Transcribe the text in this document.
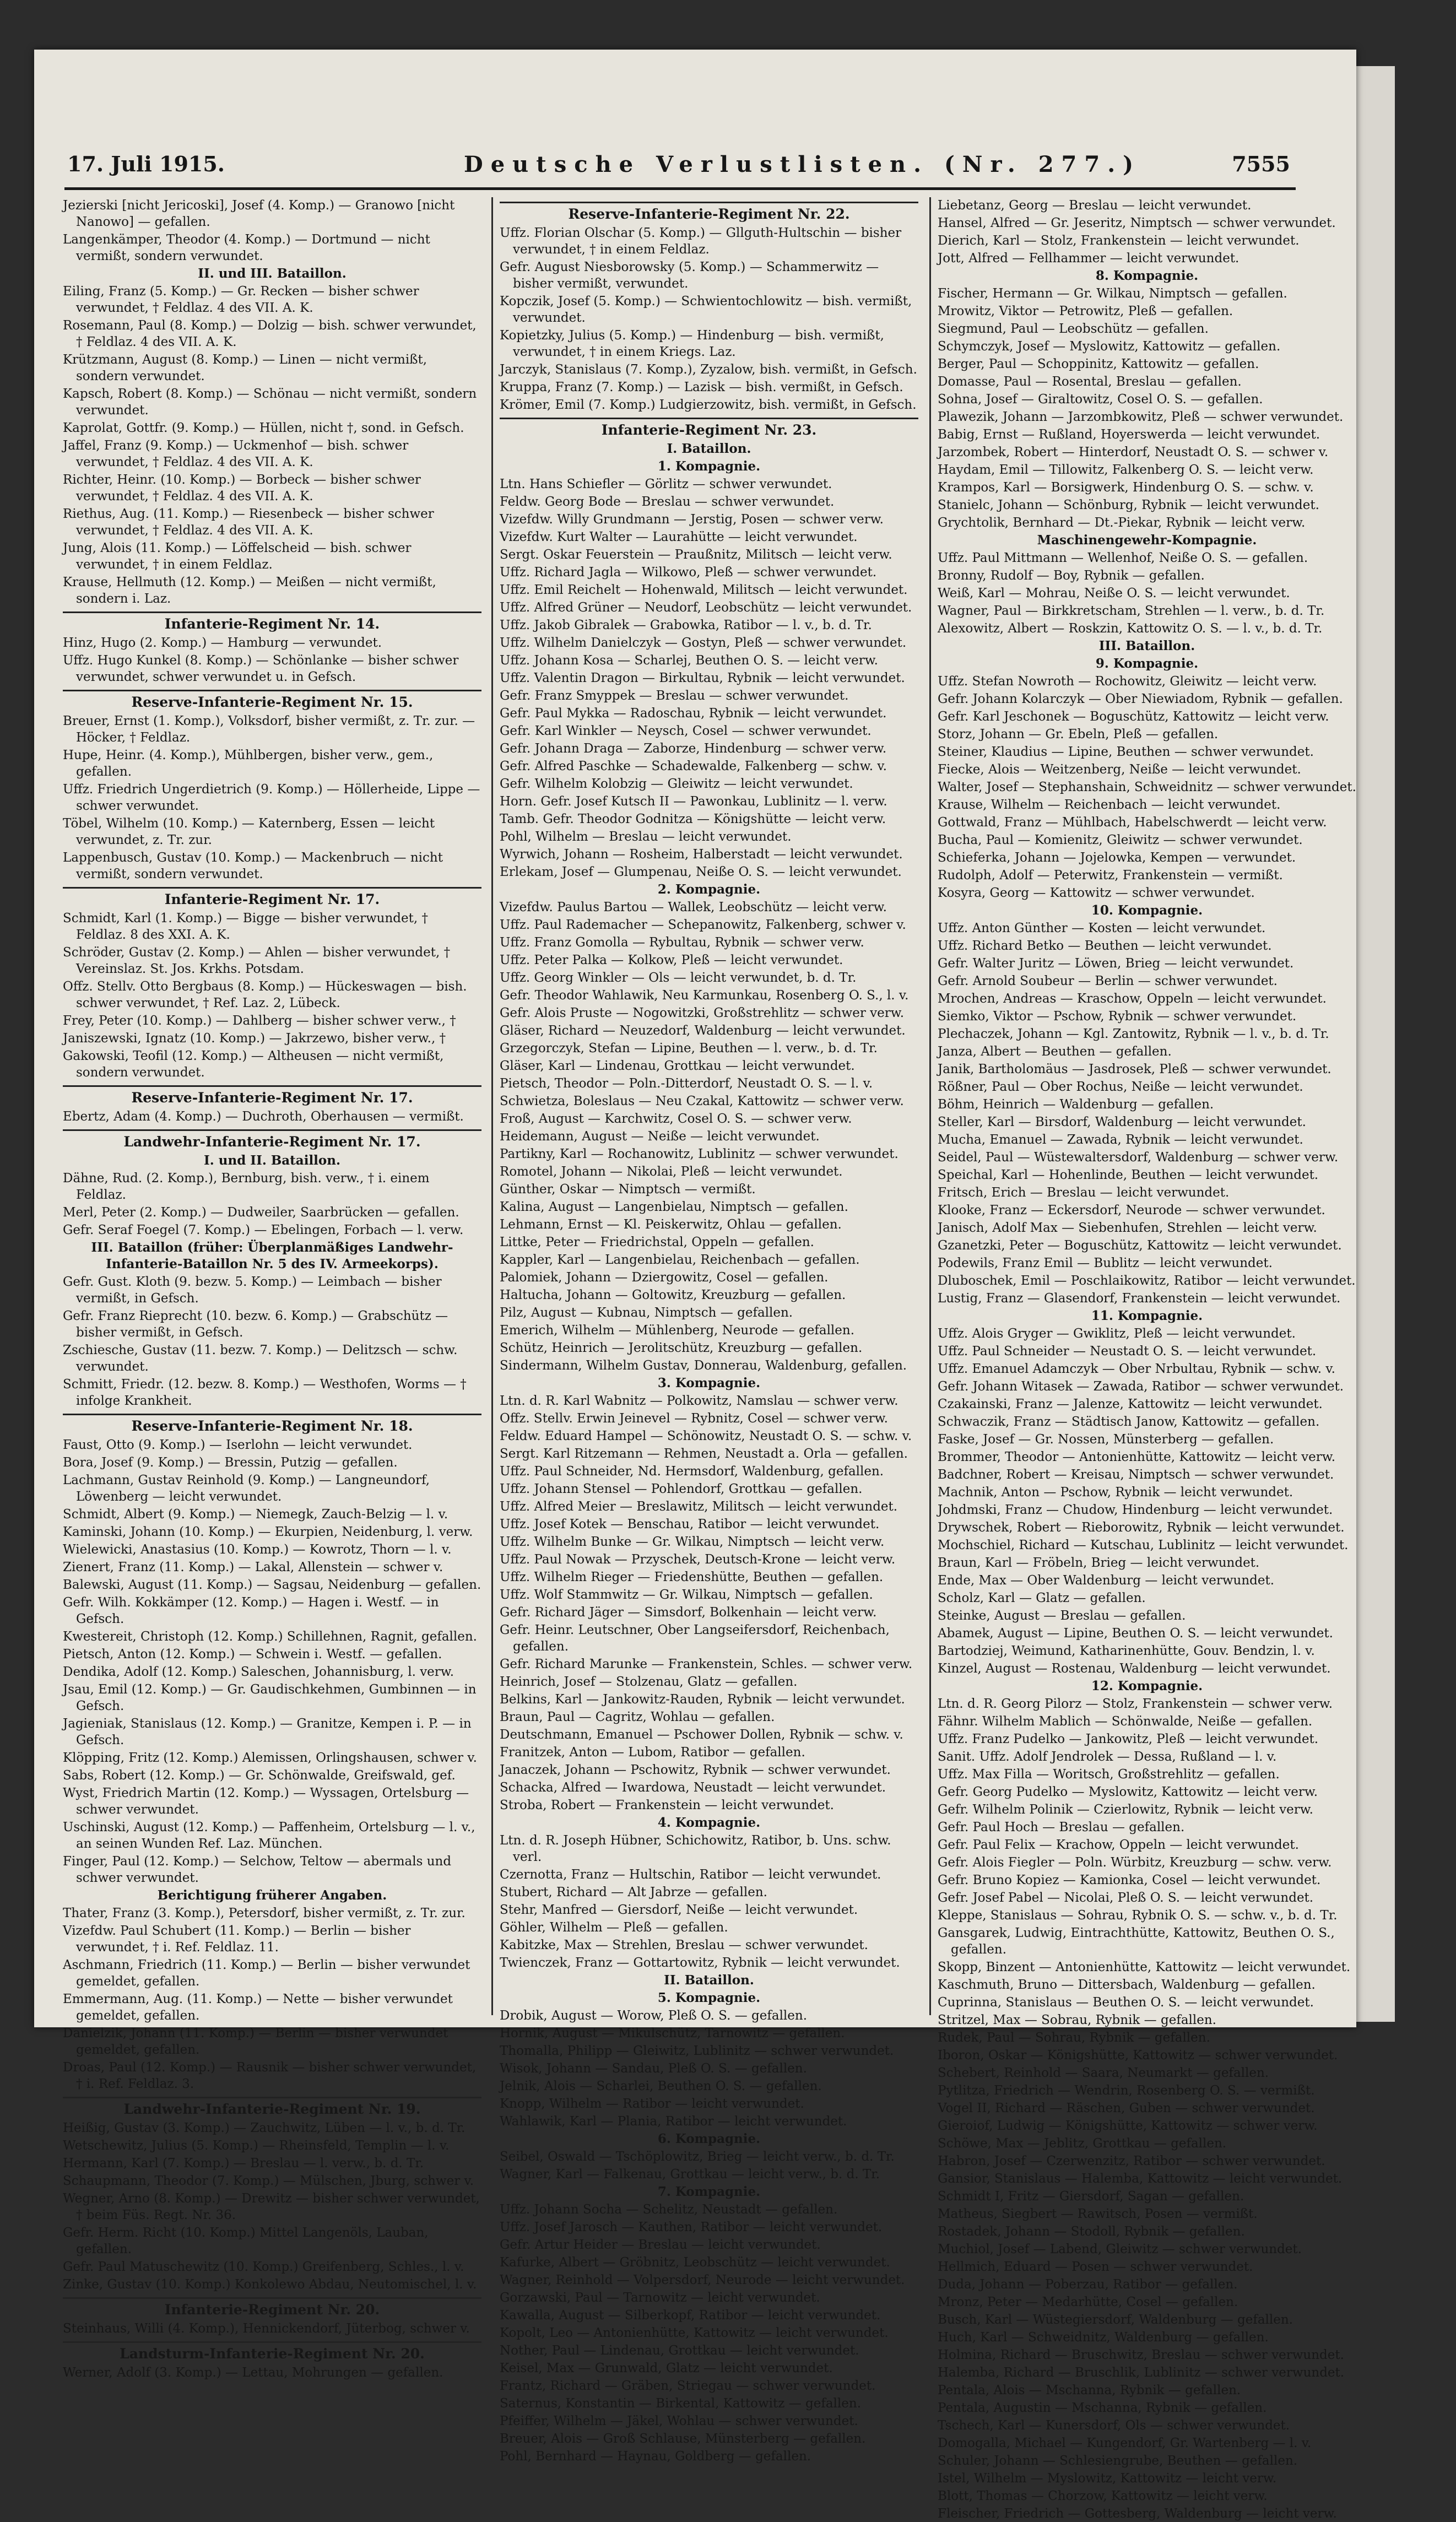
17. Juli 1915.	Deutsche Verlustlisten. (Nr. 277.)	7555
Jezierski [nicht Jericoski], Josef (4. Komp.) — Granowo [nicht Nanowo] — gefallen.
Langenkämper, Theodor (4. Komp.) — Dortmund — nicht vermißt, sondern verwundet.
II. und III. Bataillon.
Eiling, Franz (5. Komp.) — Gr. Recken — bisher schwer verwundet, † Feldlaz. 4 des VII. A. K.
Rosemann, Paul (8. Komp.) — Dolzig — bish. schwer verwundet, † Feldlaz. 4 des VII. A. K.
Krützmann, August (8. Komp.) — Linen — nicht vermißt, sondern verwundet.
Kapsch, Robert (8. Komp.) — Schönau — nicht vermißt, sondern verwundet.
Kaprolat, Gottfr. (9. Komp.) — Hüllen, nicht †, sond. in Gefsch.
Jaffel, Franz (9. Komp.) — Uckmenhof — bish. schwer verwundet, † Feldlaz. 4 des VII. A. K.
Richter, Heinr. (10. Komp.) — Borbeck — bisher schwer verwundet, † Feldlaz. 4 des VII. A. K.
Riethus, Aug. (11. Komp.) — Riesenbeck — bisher schwer verwundet, † Feldlaz. 4 des VII. A. K.
Jung, Alois (11. Komp.) — Löffelscheid — bish. schwer verwundet, † in einem Feldlaz.
Krause, Hellmuth (12. Komp.) — Meißen — nicht vermißt, sondern i. Laz.
Infanterie-Regiment Nr. 14.
Hinz, Hugo (2. Komp.) — Hamburg — verwundet.
Uffz. Hugo Kunkel (8. Komp.) — Schönlanke — bisher schwer verwundet, schwer verwundet u. in Gefsch.
Reserve-Infanterie-Regiment Nr. 15.
Breuer, Ernst (1. Komp.), Volksdorf, bisher vermißt, z. Tr. zur. — Höcker, † Feldlaz.
Hupe, Heinr. (4. Komp.), Mühlbergen, bisher verw., gem., gefallen.
Uffz. Friedrich Ungerdietrich (9. Komp.) — Höllerheide, Lippe — schwer verwundet.
Töbel, Wilhelm (10. Komp.) — Katernberg, Essen — leicht verwundet, z. Tr. zur.
Lappenbusch, Gustav (10. Komp.) — Mackenbruch — nicht vermißt, sondern verwundet.
Infanterie-Regiment Nr. 17.
Schmidt, Karl (1. Komp.) — Bigge — bisher verwundet, † Feldlaz. 8 des XXI. A. K.
Schröder, Gustav (2. Komp.) — Ahlen — bisher verwundet, † Vereinslaz. St. Jos. Krkhs. Potsdam.
Offz. Stellv. Otto Bergbaus (8. Komp.) — Hückeswagen — bish. schwer verwundet, † Ref. Laz. 2, Lübeck.
Frey, Peter (10. Komp.) — Dahlberg — bisher schwer verw., †
Janiszewski, Ignatz (10. Komp.) — Jakrzewo, bisher verw., †
Gakowski, Teofil (12. Komp.) — Altheusen — nicht vermißt, sondern verwundet.
Reserve-Infanterie-Regiment Nr. 17.
Ebertz, Adam (4. Komp.) — Duchroth, Oberhausen — vermißt.
Landwehr-Infanterie-Regiment Nr. 17.
I. und II. Bataillon.
Dähne, Rud. (2. Komp.), Bernburg, bish. verw., † i. einem Feldlaz.
Merl, Peter (2. Komp.) — Dudweiler, Saarbrücken — gefallen.
Gefr. Seraf Foegel (7. Komp.) — Ebelingen, Forbach — l. verw.
III. Bataillon (früher: Überplanmäßiges Landwehr-Infanterie-Bataillon Nr. 5 des IV. Armeekorps).
Gefr. Gust. Kloth (9. bezw. 5. Komp.) — Leimbach — bisher vermißt, in Gefsch.
Gefr. Franz Rieprecht (10. bezw. 6. Komp.) — Grabschütz — bisher vermißt, in Gefsch.
Zschiesche, Gustav (11. bezw. 7. Komp.) — Delitzsch — schw. verwundet.
Schmitt, Friedr. (12. bezw. 8. Komp.) — Westhofen, Worms — † infolge Krankheit.
Reserve-Infanterie-Regiment Nr. 18.
Faust, Otto (9. Komp.) — Iserlohn — leicht verwundet.
Bora, Josef (9. Komp.) — Bressin, Putzig — gefallen.
Lachmann, Gustav Reinhold (9. Komp.) — Langneundorf, Löwenberg — leicht verwundet.
Schmidt, Albert (9. Komp.) — Niemegk, Zauch-Belzig — l. v.
Kaminski, Johann (10. Komp.) — Ekurpien, Neidenburg, l. verw.
Wielewicki, Anastasius (10. Komp.) — Kowrotz, Thorn — l. v.
Zienert, Franz (11. Komp.) — Lakal, Allenstein — schwer v.
Balewski, August (11. Komp.) — Sagsau, Neidenburg — gefallen.
Gefr. Wilh. Kokkämper (12. Komp.) — Hagen i. Westf. — in Gefsch.
Kwestereit, Christoph (12. Komp.) Schillehnen, Ragnit, gefallen.
Pietsch, Anton (12. Komp.) — Schwein i. Westf. — gefallen.
Dendika, Adolf (12. Komp.) Saleschen, Johannisburg, l. verw.
Jsau, Emil (12. Komp.) — Gr. Gaudischkehmen, Gumbinnen — in Gefsch.
Jagieniak, Stanislaus (12. Komp.) — Granitze, Kempen i. P. — in Gefsch.
Klöpping, Fritz (12. Komp.) Alemissen, Orlingshausen, schwer v.
Sabs, Robert (12. Komp.) — Gr. Schönwalde, Greifswald, gef.
Wyst, Friedrich Martin (12. Komp.) — Wyssagen, Ortelsburg — schwer verwundet.
Uschinski, August (12. Komp.) — Paffenheim, Ortelsburg — l. v., an seinen Wunden Ref. Laz. München.
Finger, Paul (12. Komp.) — Selchow, Teltow — abermals und schwer verwundet.
Berichtigung früherer Angaben.
Thater, Franz (3. Komp.), Petersdorf, bisher vermißt, z. Tr. zur.
Vizefdw. Paul Schubert (11. Komp.) — Berlin — bisher verwundet, † i. Ref. Feldlaz. 11.
Aschmann, Friedrich (11. Komp.) — Berlin — bisher verwundet gemeldet, gefallen.
Emmermann, Aug. (11. Komp.) — Nette — bisher verwundet gemeldet, gefallen.
Danielzik, Johann (11. Komp.) — Berlin — bisher verwundet gemeldet, gefallen.
Droas, Paul (12. Komp.) — Rausnik — bisher schwer verwundet, † i. Ref. Feldlaz. 3.
Landwehr-Infanterie-Regiment Nr. 19.
Heißig, Gustav (3. Komp.) — Zauchwitz, Lüben — l. v., b. d. Tr.
Wetschewitz, Julius (5. Komp.) — Rheinsfeld, Templin — l. v.
Hermann, Karl (7. Komp.) — Breslau — l. verw., b. d. Tr.
Schaupmann, Theodor (7. Komp.) — Mülschen, Jburg, schwer v.
Wegner, Arno (8. Komp.) — Drewitz — bisher schwer verwundet, † beim Füs. Regt. Nr. 36.
Gefr. Herm. Richt (10. Komp.) Mittel Langenöls, Lauban, gefallen.
Gefr. Paul Matuschewitz (10. Komp.) Greifenberg, Schles., l. v.
Zinke, Gustav (10. Komp.) Konkolewo Abdau, Neutomischel, l. v.
Infanterie-Regiment Nr. 20.
Steinhaus, Willi (4. Komp.), Hennickendorf, Jüterbog, schwer v.
Landsturm-Infanterie-Regiment Nr. 20.
Werner, Adolf (3. Komp.) — Lettau, Mohrungen — gefallen.
Reserve-Infanterie-Regiment Nr. 22.
Uffz. Florian Olschar (5. Komp.) — Gllguth-Hultschin — bisher verwundet, † in einem Feldlaz.
Gefr. August Niesborowsky (5. Komp.) — Schammerwitz — bisher vermißt, verwundet.
Kopczik, Josef (5. Komp.) — Schwientochlowitz — bish. vermißt, verwundet.
Kopietzky, Julius (5. Komp.) — Hindenburg — bish. vermißt, verwundet, † in einem Kriegs. Laz.
Jarczyk, Stanislaus (7. Komp.), Zyzalow, bish. vermißt, in Gefsch.
Kruppa, Franz (7. Komp.) — Lazisk — bish. vermißt, in Gefsch.
Krömer, Emil (7. Komp.) Ludgierzowitz, bish. vermißt, in Gefsch.
Infanterie-Regiment Nr. 23.
I. Bataillon.
1. Kompagnie.
Ltn. Hans Schiefler — Görlitz — schwer verwundet.
Feldw. Georg Bode — Breslau — schwer verwundet.
Vizefdw. Willy Grundmann — Jerstig, Posen — schwer verw.
Vizefdw. Kurt Walter — Laurahütte — leicht verwundet.
Sergt. Oskar Feuerstein — Praußnitz, Militsch — leicht verw.
Uffz. Richard Jagla — Wilkowo, Pleß — schwer verwundet.
Uffz. Emil Reichelt — Hohenwald, Militsch — leicht verwundet.
Uffz. Alfred Grüner — Neudorf, Leobschütz — leicht verwundet.
Uffz. Jakob Gibralek — Grabowka, Ratibor — l. v., b. d. Tr.
Uffz. Wilhelm Danielczyk — Gostyn, Pleß — schwer verwundet.
Uffz. Johann Kosa — Scharlej, Beuthen O. S. — leicht verw.
Uffz. Valentin Dragon — Birkultau, Rybnik — leicht verwundet.
Gefr. Franz Smyppek — Breslau — schwer verwundet.
Gefr. Paul Mykka — Radoschau, Rybnik — leicht verwundet.
Gefr. Karl Winkler — Neysch, Cosel — schwer verwundet.
Gefr. Johann Draga — Zaborze, Hindenburg — schwer verw.
Gefr. Alfred Paschke — Schadewalde, Falkenberg — schw. v.
Gefr. Wilhelm Kolobzig — Gleiwitz — leicht verwundet.
Horn. Gefr. Josef Kutsch II — Pawonkau, Lublinitz — l. verw.
Tamb. Gefr. Theodor Godnitza — Königshütte — leicht verw.
Pohl, Wilhelm — Breslau — leicht verwundet.
Wyrwich, Johann — Rosheim, Halberstadt — leicht verwundet.
Erlekam, Josef — Glumpenau, Neiße O. S. — leicht verwundet.
2. Kompagnie.
Vizefdw. Paulus Bartou — Wallek, Leobschütz — leicht verw.
Uffz. Paul Rademacher — Schepanowitz, Falkenberg, schwer v.
Uffz. Franz Gomolla — Rybultau, Rybnik — schwer verw.
Uffz. Peter Palka — Kolkow, Pleß — leicht verwundet.
Uffz. Georg Winkler — Ols — leicht verwundet, b. d. Tr.
Gefr. Theodor Wahlawik, Neu Karmunkau, Rosenberg O. S., l. v.
Gefr. Alois Pruste — Nogowitzki, Großstrehlitz — schwer verw.
Gläser, Richard — Neuzedorf, Waldenburg — leicht verwundet.
Grzegorczyk, Stefan — Lipine, Beuthen — l. verw., b. d. Tr.
Gläser, Karl — Lindenau, Grottkau — leicht verwundet.
Pietsch, Theodor — Poln.-Ditterdorf, Neustadt O. S. — l. v.
Schwietza, Boleslaus — Neu Czakal, Kattowitz — schwer verw.
Froß, August — Karchwitz, Cosel O. S. — schwer verw.
Heidemann, August — Neiße — leicht verwundet.
Partikny, Karl — Rochanowitz, Lublinitz — schwer verwundet.
Romotel, Johann — Nikolai, Pleß — leicht verwundet.
Günther, Oskar — Nimptsch — vermißt.
Kalina, August — Langenbielau, Nimptsch — gefallen.
Lehmann, Ernst — Kl. Peiskerwitz, Ohlau — gefallen.
Littke, Peter — Friedrichstal, Oppeln — gefallen.
Kappler, Karl — Langenbielau, Reichenbach — gefallen.
Palomiek, Johann — Dziergowitz, Cosel — gefallen.
Haltucha, Johann — Goltowitz, Kreuzburg — gefallen.
Pilz, August — Kubnau, Nimptsch — gefallen.
Emerich, Wilhelm — Mühlenberg, Neurode — gefallen.
Schütz, Heinrich — Jerolitschütz, Kreuzburg — gefallen.
Sindermann, Wilhelm Gustav, Donnerau, Waldenburg, gefallen.
3. Kompagnie.
Ltn. d. R. Karl Wabnitz — Polkowitz, Namslau — schwer verw.
Offz. Stellv. Erwin Jeinevel — Rybnitz, Cosel — schwer verw.
Feldw. Eduard Hampel — Schönowitz, Neustadt O. S. — schw. v.
Sergt. Karl Ritzemann — Rehmen, Neustadt a. Orla — gefallen.
Uffz. Paul Schneider, Nd. Hermsdorf, Waldenburg, gefallen.
Uffz. Johann Stensel — Pohlendorf, Grottkau — gefallen.
Uffz. Alfred Meier — Breslawitz, Militsch — leicht verwundet.
Uffz. Josef Kotek — Benschau, Ratibor — leicht verwundet.
Uffz. Wilhelm Bunke — Gr. Wilkau, Nimptsch — leicht verw.
Uffz. Paul Nowak — Przyschek, Deutsch-Krone — leicht verw.
Uffz. Wilhelm Rieger — Friedenshütte, Beuthen — gefallen.
Uffz. Wolf Stammwitz — Gr. Wilkau, Nimptsch — gefallen.
Gefr. Richard Jäger — Simsdorf, Bolkenhain — leicht verw.
Gefr. Heinr. Leutschner, Ober Langseifersdorf, Reichenbach, gefallen.
Gefr. Richard Marunke — Frankenstein, Schles. — schwer verw.
Heinrich, Josef — Stolzenau, Glatz — gefallen.
Belkins, Karl — Jankowitz-Rauden, Rybnik — leicht verwundet.
Braun, Paul — Cagritz, Wohlau — gefallen.
Deutschmann, Emanuel — Pschower Dollen, Rybnik — schw. v.
Franitzek, Anton — Lubom, Ratibor — gefallen.
Janaczek, Johann — Pschowitz, Rybnik — schwer verwundet.
Schacka, Alfred — Iwardowa, Neustadt — leicht verwundet.
Stroba, Robert — Frankenstein — leicht verwundet.
4. Kompagnie.
Ltn. d. R. Joseph Hübner, Schichowitz, Ratibor, b. Uns. schw. verl.
Czernotta, Franz — Hultschin, Ratibor — leicht verwundet.
Stubert, Richard — Alt Jabrze — gefallen.
Stehr, Manfred — Giersdorf, Neiße — leicht verwundet.
Göhler, Wilhelm — Pleß — gefallen.
Kabitzke, Max — Strehlen, Breslau — schwer verwundet.
Twienczek, Franz — Gottartowitz, Rybnik — leicht verwundet.
II. Bataillon.
5. Kompagnie.
Drobik, August — Worow, Pleß O. S. — gefallen.
Hornik, August — Mikulschütz, Tarnowitz — gefallen.
Thomalla, Philipp — Gleiwitz, Lublinitz — schwer verwundet.
Wisok, Johann — Sandau, Pleß O. S. — gefallen.
Jelnik, Alois — Scharlei, Beuthen O. S. — gefallen.
Knopp, Wilhelm — Ratibor — leicht verwundet.
Wahlawik, Karl — Plania, Ratibor — leicht verwundet.
6. Kompagnie.
Seibel, Oswald — Tschöplowitz, Brieg — leicht verw., b. d. Tr.
Wagner, Karl — Falkenau, Grottkau — leicht verw., b. d. Tr.
7. Kompagnie.
Uffz. Johann Socha — Schelitz, Neustadt — gefallen.
Uffz. Josef Jarosch — Kauthen, Ratibor — leicht verwundet.
Gefr. Artur Heider — Breslau — leicht verwundet.
Kafurke, Albert — Gröbnitz, Leobschütz — leicht verwundet.
Wagner, Reinhold — Volpersdorf, Neurode — leicht verwundet.
Gorzawski, Paul — Tarnowitz — leicht verwundet.
Kawalla, August — Silberkopf, Ratibor — leicht verwundet.
Kopolt, Leo — Antonienhütte, Kattowitz — leicht verwundet.
Nother, Paul — Lindenau, Grottkau — leicht verwundet.
Keisel, Max — Grunwald, Glatz — leicht verwundet.
Frantz, Richard — Gräben, Striegau — schwer verwundet.
Saternus, Konstantin — Birkental, Kattowitz — gefallen.
Pfeiffer, Wilhelm — Jäkel, Wohlau — schwer verwundet.
Breuer, Alois — Groß Schlause, Münsterberg — gefallen.
Pohl, Bernhard — Haynau, Goldberg — gefallen.
Liebetanz, Georg — Breslau — leicht verwundet.
Hansel, Alfred — Gr. Jeseritz, Nimptsch — schwer verwundet.
Dierich, Karl — Stolz, Frankenstein — leicht verwundet.
Jott, Alfred — Fellhammer — leicht verwundet.
8. Kompagnie.
Fischer, Hermann — Gr. Wilkau, Nimptsch — gefallen.
Mrowitz, Viktor — Petrowitz, Pleß — gefallen.
Siegmund, Paul — Leobschütz — gefallen.
Schymczyk, Josef — Myslowitz, Kattowitz — gefallen.
Berger, Paul — Schoppinitz, Kattowitz — gefallen.
Domasse, Paul — Rosental, Breslau — gefallen.
Sohna, Josef — Giraltowitz, Cosel O. S. — gefallen.
Plawezik, Johann — Jarzombkowitz, Pleß — schwer verwundet.
Babig, Ernst — Rußland, Hoyerswerda — leicht verwundet.
Jarzombek, Robert — Hinterdorf, Neustadt O. S. — schwer v.
Haydam, Emil — Tillowitz, Falkenberg O. S. — leicht verw.
Krampos, Karl — Borsigwerk, Hindenburg O. S. — schw. v.
Stanielc, Johann — Schönburg, Rybnik — leicht verwundet.
Grychtolik, Bernhard — Dt.-Piekar, Rybnik — leicht verw.
Maschinengewehr-Kompagnie.
Uffz. Paul Mittmann — Wellenhof, Neiße O. S. — gefallen.
Bronny, Rudolf — Boy, Rybnik — gefallen.
Weiß, Karl — Mohrau, Neiße O. S. — leicht verwundet.
Wagner, Paul — Birkkretscham, Strehlen — l. verw., b. d. Tr.
Alexowitz, Albert — Roskzin, Kattowitz O. S. — l. v., b. d. Tr.
III. Bataillon.
9. Kompagnie.
Uffz. Stefan Nowroth — Rochowitz, Gleiwitz — leicht verw.
Gefr. Johann Kolarczyk — Ober Niewiadom, Rybnik — gefallen.
Gefr. Karl Jeschonek — Boguschütz, Kattowitz — leicht verw.
Storz, Johann — Gr. Ebeln, Pleß — gefallen.
Steiner, Klaudius — Lipine, Beuthen — schwer verwundet.
Fiecke, Alois — Weitzenberg, Neiße — leicht verwundet.
Walter, Josef — Stephanshain, Schweidnitz — schwer verwundet.
Krause, Wilhelm — Reichenbach — leicht verwundet.
Gottwald, Franz — Mühlbach, Habelschwerdt — leicht verw.
Bucha, Paul — Komienitz, Gleiwitz — schwer verwundet.
Schieferka, Johann — Jojelowka, Kempen — verwundet.
Rudolph, Adolf — Peterwitz, Frankenstein — vermißt.
Kosyra, Georg — Kattowitz — schwer verwundet.
10. Kompagnie.
Uffz. Anton Günther — Kosten — leicht verwundet.
Uffz. Richard Betko — Beuthen — leicht verwundet.
Gefr. Walter Juritz — Löwen, Brieg — leicht verwundet.
Gefr. Arnold Soubeur — Berlin — schwer verwundet.
Mrochen, Andreas — Kraschow, Oppeln — leicht verwundet.
Siemko, Viktor — Pschow, Rybnik — schwer verwundet.
Plechaczek, Johann — Kgl. Zantowitz, Rybnik — l. v., b. d. Tr.
Janza, Albert — Beuthen — gefallen.
Janik, Bartholomäus — Jasdrosek, Pleß — schwer verwundet.
Rößner, Paul — Ober Rochus, Neiße — leicht verwundet.
Böhm, Heinrich — Waldenburg — gefallen.
Steller, Karl — Birsdorf, Waldenburg — leicht verwundet.
Mucha, Emanuel — Zawada, Rybnik — leicht verwundet.
Seidel, Paul — Wüstewaltersdorf, Waldenburg — schwer verw.
Speichal, Karl — Hohenlinde, Beuthen — leicht verwundet.
Fritsch, Erich — Breslau — leicht verwundet.
Klooke, Franz — Eckersdorf, Neurode — schwer verwundet.
Janisch, Adolf Max — Siebenhufen, Strehlen — leicht verw.
Gzanetzki, Peter — Boguschütz, Kattowitz — leicht verwundet.
Podewils, Franz Emil — Bublitz — leicht verwundet.
Dluboschek, Emil — Poschlaikowitz, Ratibor — leicht verwundet.
Lustig, Franz — Glasendorf, Frankenstein — leicht verwundet.
11. Kompagnie.
Uffz. Alois Gryger — Gwiklitz, Pleß — leicht verwundet.
Uffz. Paul Schneider — Neustadt O. S. — leicht verwundet.
Uffz. Emanuel Adamczyk — Ober Nrbultau, Rybnik — schw. v.
Gefr. Johann Witasek — Zawada, Ratibor — schwer verwundet.
Czakainski, Franz — Jalenze, Kattowitz — leicht verwundet.
Schwaczik, Franz — Städtisch Janow, Kattowitz — gefallen.
Faske, Josef — Gr. Nossen, Münsterberg — gefallen.
Brommer, Theodor — Antonienhütte, Kattowitz — leicht verw.
Badchner, Robert — Kreisau, Nimptsch — schwer verwundet.
Machnik, Anton — Pschow, Rybnik — leicht verwundet.
Johdmski, Franz — Chudow, Hindenburg — leicht verwundet.
Drywschek, Robert — Rieborowitz, Rybnik — leicht verwundet.
Mochschiel, Richard — Kutschau, Lublinitz — leicht verwundet.
Braun, Karl — Fröbeln, Brieg — leicht verwundet.
Ende, Max — Ober Waldenburg — leicht verwundet.
Scholz, Karl — Glatz — gefallen.
Steinke, August — Breslau — gefallen.
Abamek, August — Lipine, Beuthen O. S. — leicht verwundet.
Bartodziej, Weimund, Katharinenhütte, Gouv. Bendzin, l. v.
Kinzel, August — Rostenau, Waldenburg — leicht verwundet.
12. Kompagnie.
Ltn. d. R. Georg Pilorz — Stolz, Frankenstein — schwer verw.
Fähnr. Wilhelm Mablich — Schönwalde, Neiße — gefallen.
Uffz. Franz Pudelko — Jankowitz, Pleß — leicht verwundet.
Sanit. Uffz. Adolf Jendrolek — Dessa, Rußland — l. v.
Uffz. Max Filla — Woritsch, Großstrehlitz — gefallen.
Gefr. Georg Pudelko — Myslowitz, Kattowitz — leicht verw.
Gefr. Wilhelm Polinik — Czierlowitz, Rybnik — leicht verw.
Gefr. Paul Hoch — Breslau — gefallen.
Gefr. Paul Felix — Krachow, Oppeln — leicht verwundet.
Gefr. Alois Fiegler — Poln. Würbitz, Kreuzburg — schw. verw.
Gefr. Bruno Kopiez — Kamionka, Cosel — leicht verwundet.
Gefr. Josef Pabel — Nicolai, Pleß O. S. — leicht verwundet.
Kleppe, Stanislaus — Sohrau, Rybnik O. S. — schw. v., b. d. Tr.
Gansgarek, Ludwig, Eintrachthütte, Kattowitz, Beuthen O. S., gefallen.
Skopp, Binzent — Antonienhütte, Kattowitz — leicht verwundet.
Kaschmuth, Bruno — Dittersbach, Waldenburg — gefallen.
Cuprinna, Stanislaus — Beuthen O. S. — leicht verwundet.
Stritzel, Max — Sobrau, Rybnik — gefallen.
Rudek, Paul — Sohrau, Rybnik — gefallen.
Iboron, Oskar — Königshütte, Kattowitz — schwer verwundet.
Schebert, Reinhold — Saara, Neumarkt — gefallen.
Pytlitza, Friedrich — Wendrin, Rosenberg O. S. — vermißt.
Vogel II, Richard — Räschen, Guben — schwer verwundet.
Gieroiof, Ludwig — Königshütte, Kattowitz — schwer verw.
Schöwe, Max — Jeblitz, Grottkau — gefallen.
Habron, Josef — Czerwenzitz, Ratibor — schwer verwundet.
Gansior, Stanislaus — Halemba, Kattowitz — leicht verwundet.
Schmidt I, Fritz — Giersdorf, Sagan — gefallen.
Matheus, Siegbert — Rawitsch, Posen — vermißt.
Rostadek, Johann — Stodoll, Rybnik — gefallen.
Muchiol, Josef — Labend, Gleiwitz — schwer verwundet.
Hellmich, Eduard — Posen — schwer verwundet.
Duda, Johann — Poberzau, Ratibor — gefallen.
Mronz, Peter — Medarhütte, Cosel — gefallen.
Busch, Karl — Wüstegiersdorf, Waldenburg — gefallen.
Huch, Karl — Schweidnitz, Waldenburg — gefallen.
Holmina, Richard — Bruschwitz, Breslau — schwer verwundet.
Halemba, Richard — Bruschlik, Lublinitz — schwer verwundet.
Pentala, Alois — Mschanna, Rybnik — gefallen.
Pentala, Augustin — Mschanna, Rybnik — gefallen.
Tschech, Karl — Kunersdorf, Ols — schwer verwundet.
Domogalla, Michael — Kungendorf, Gr. Wartenberg — l. v.
Schuler, Johann — Schlesiengrube, Beuthen — gefallen.
Istel, Wilhelm — Myslowitz, Kattowitz — leicht verw.
Blott, Thomas — Chorzow, Kattowitz — leicht verw.
Fleischer, Friedrich — Gottesberg, Waldenburg — leicht verw.
